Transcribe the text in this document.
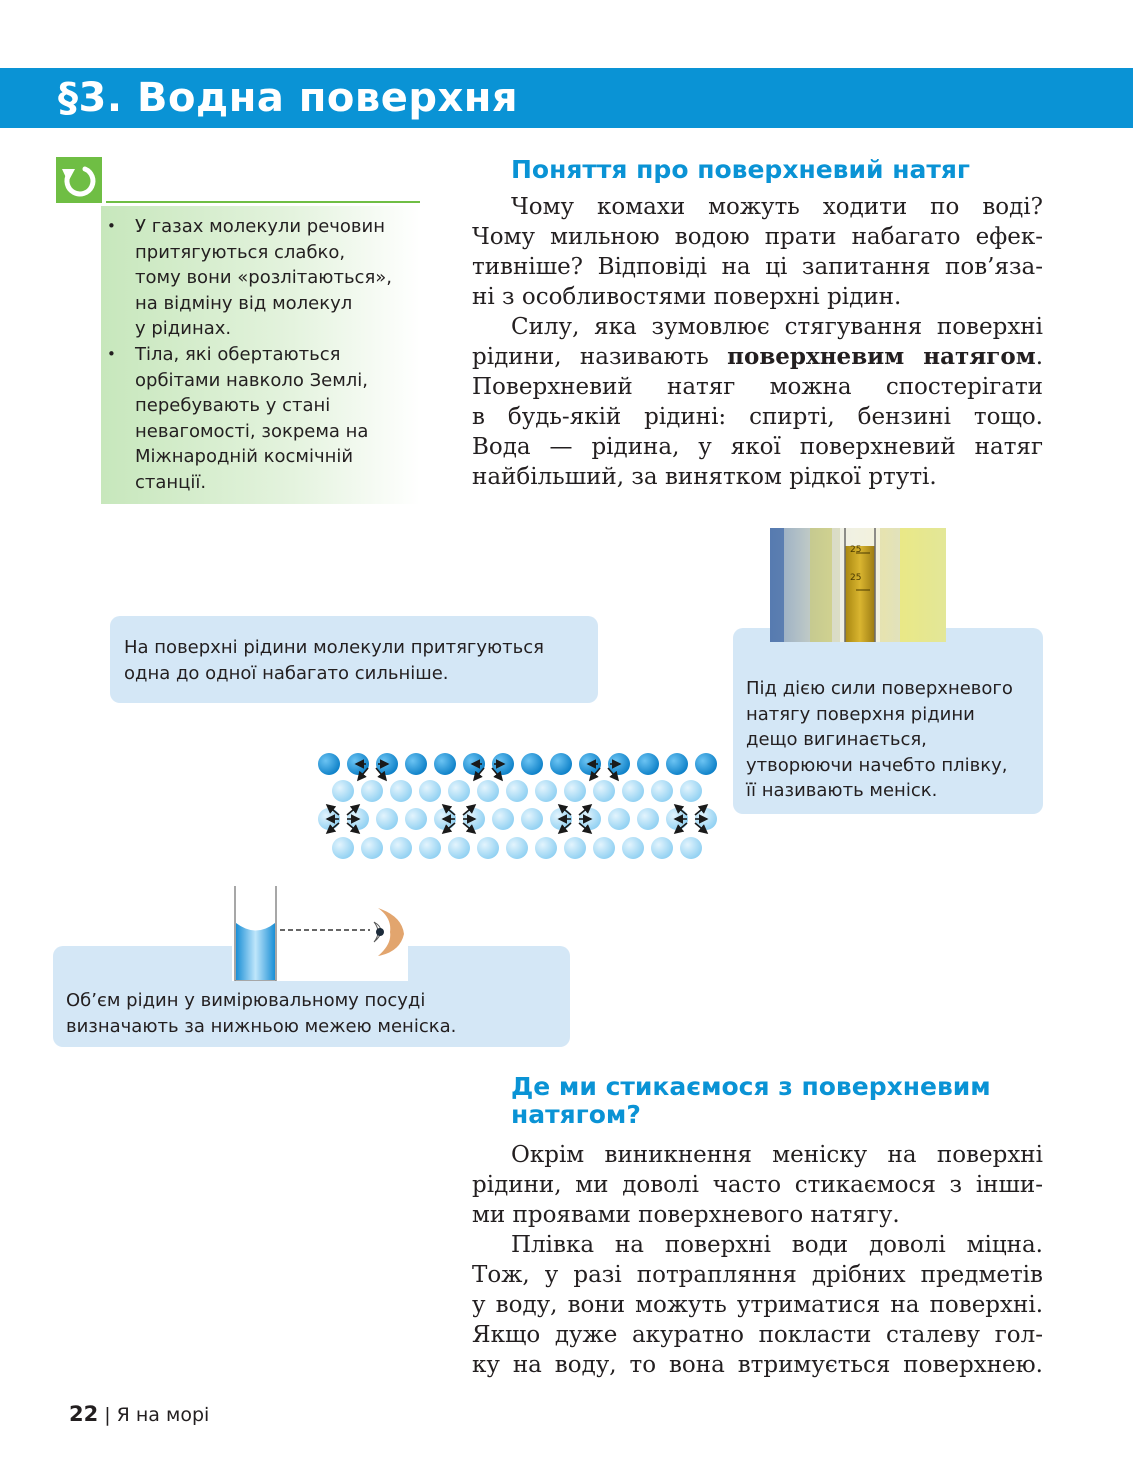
§3. Водна поверхня
• У газах молекули речовин
притягуються слабко,
тому вони «розлітаються»,
на відміну від молекул
у рідинах.
• Тіла, які обертаються
орбітами навколо Землі,
перебувають у стані
невагомості, зокрема на
Міжнародній космічній
станції.
Поняття про поверхневий натяг
Чому комахи можуть ходити по воді?
Чому мильною водою прати набагато ефек-
тивніше? Відповіді на ці запитання пов’яза-
ні з особливостями поверхні рідин.
Силу, яка зумовлює стягування поверхні
рідини, називають поверхневим натягом.
Поверхневий натяг можна спостерігати
в будь-якій рідині: спирті, бензині тощо.
Вода — рідина, у якої поверхневий натяг
найбільший, за винятком рідкої ртуті.
Під дією сили поверхневого
натягу поверхня рідини
дещо вигинається,
утворюючи начебто плівку,
її називають меніск.
25
25
На поверхні рідини молекули притягуються
одна до одної набагато сильніше.
Об’єм рідин у вимірювальному посуді
визначають за нижньою межею меніска.
Де ми стикаємося з поверхневим
натягом?
Окрім виникнення меніску на поверхні
рідини, ми доволі часто стикаємося з інши-
ми проявами поверхневого натягу.
Плівка на поверхні води доволі міцна.
Тож, у разі потрапляння дрібних предметів
у воду, вони можуть утриматися на поверхні.
Якщо дуже акуратно покласти сталеву гол-
ку на воду, то вона втримується поверхнею.
22 | Я на морі
